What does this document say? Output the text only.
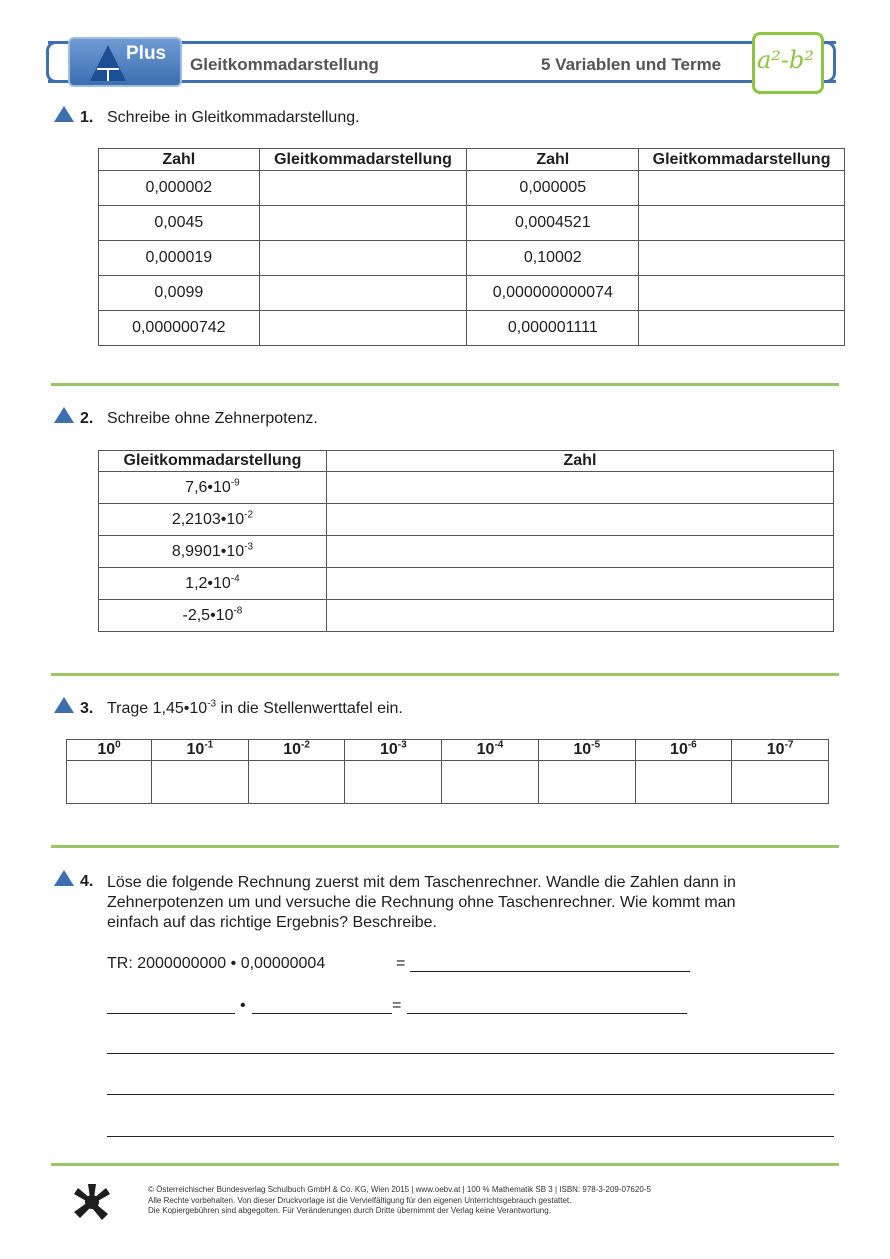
Plus
Gleitkommadarstellung	5 Variablen und Terme a²-b²
1. Schreibe in Gleitkommadarstellung.
Zahl	Gleitkommadarstellung	Zahl	Gleitkommadarstellung
0,000002		0,000005	
0,0045		0,0004521	
0,000019		0,10002	
0,0099		0,000000000074	
0,000000742		0,000001111	
2. Schreibe ohne Zehnerpotenz.
Gleitkommadarstellung	Zahl
$7,6•10^{-9}$	
$2,2103•10^{-2}$	
$8,9901•10^{-3}$	
$1,2•10^{-4}$	
$-2,5•10^{-8}$	
3. Trage $1,45•10^{-3}$ in die Stellenwerttafel ein.
$10^0$	$10^{-1}$	$10^{-2}$	$10^{-3}$	$10^{-4}$	$10^{-5}$	$10^{-6}$	$10^{-7}$

4. Löse die folgende Rechnung zuerst mit dem Taschenrechner. Wandle die Zahlen dann in
Zehnerpotenzen um und versuche die Rechnung ohne Taschenrechner. Wie kommt man
einfach auf das richtige Ergebnis? Beschreibe.
TR: 2000000000 • 0,00000004	=
•	=
© Österreichischer Bundesverlag Schulbuch GmbH & Co. KG, Wien 2015 | www.oebv.at | 100 % Mathematik SB 3 | ISBN: 978-3-209-07620-5
Alle Rechte vorbehalten. Von dieser Druckvorlage ist die Vervielfältigung für den eigenen Unterrichtsgebrauch gestattet.
Die Kopiergebühren sind abgegolten. Für Veränderungen durch Dritte übernimmt der Verlag keine Verantwortung.
